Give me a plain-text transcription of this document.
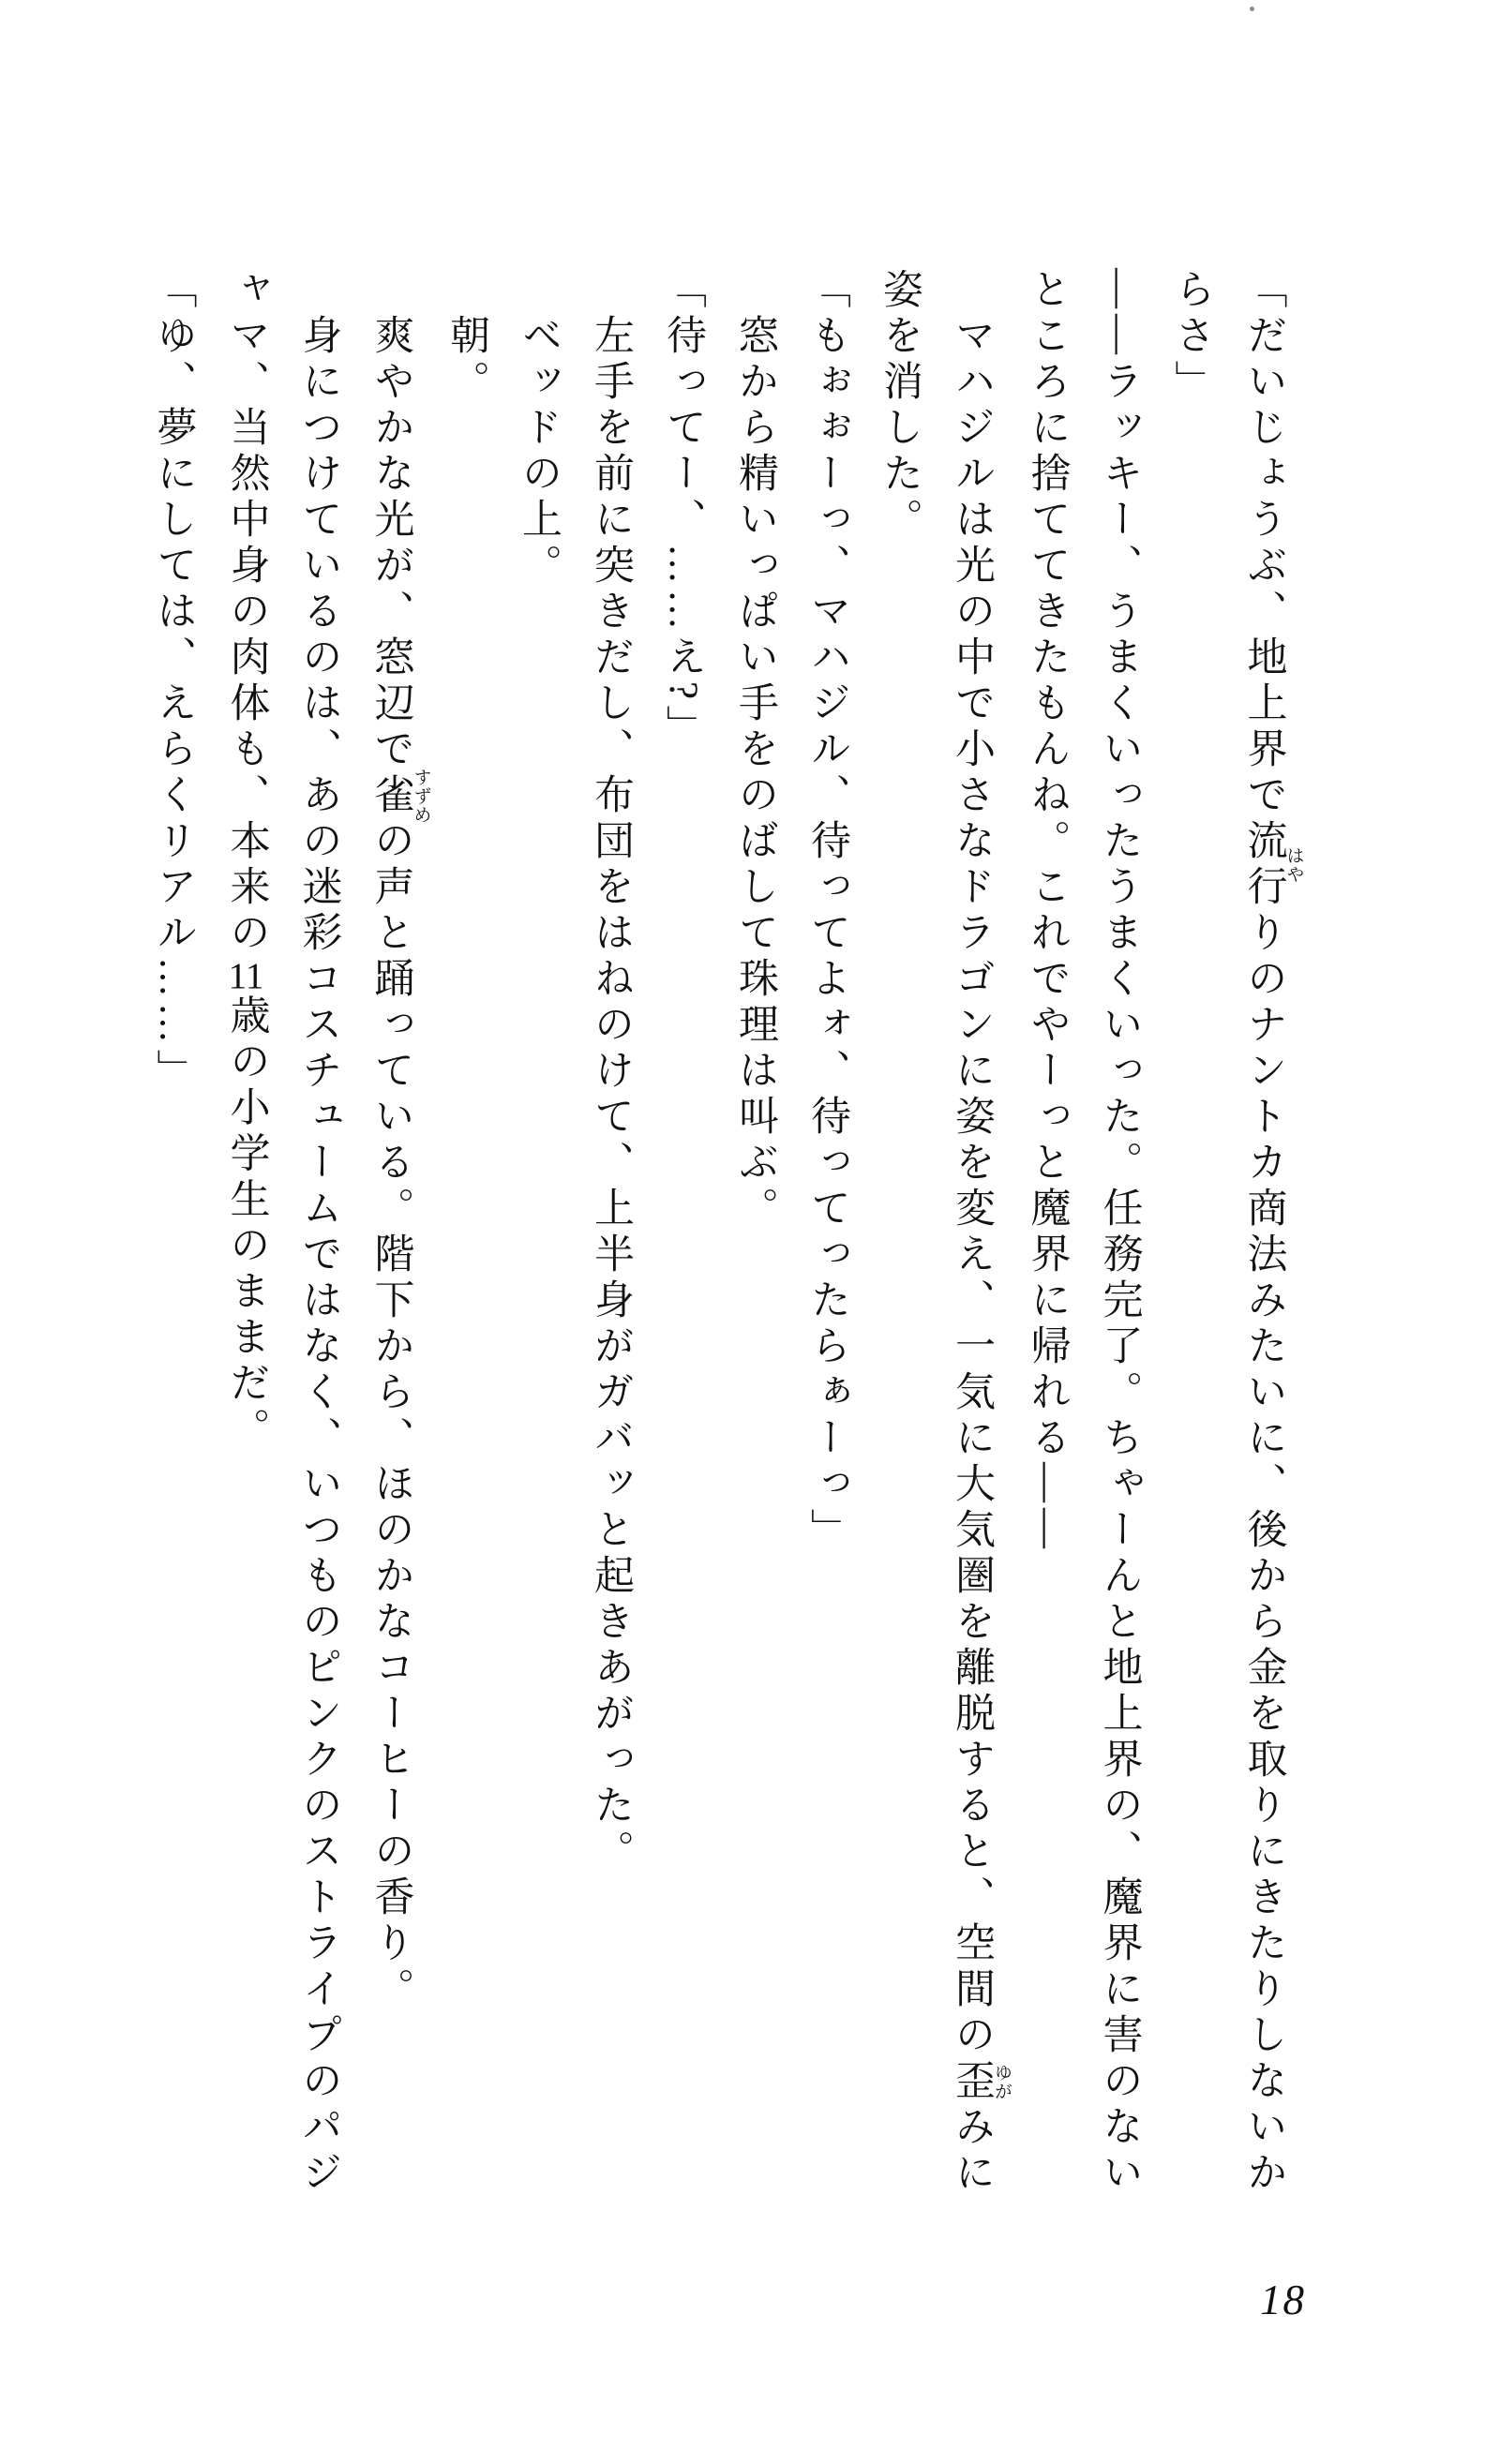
「だいじょうぶ、地上界で流行はやりのナントカ商法みたいに、後から金を取りにきたりしないからさ」

――ラッキー、うまくいったうまくいった。任務完了。ちゃーんと地上界の、魔界に害のないところに捨ててきたもんね。これでやーっと魔界に帰れる――

マハジルは光の中で小さなドラゴンに姿を変え、一気に大気圏を離脱すると、空間の歪ゆがみに姿を消した。

「もぉぉーっ、マハジル、待ってよォ、待ってったらぁーっ」

窓から精いっぱい手をのばして珠理は叫ぶ。

「待ってー、……え?」

左手を前に突きだし、布団をはねのけて、上半身がガバッと起きあがった。

ベッドの上。

朝。

爽やかな光が、窓辺で雀すずめの声と踊っている。階下から、ほのかなコーヒーの香り。

身につけているのは、あの迷彩コスチュームではなく、いつものピンクのストライプのパジャマ、当然中身の肉体も、本来の11歳の小学生のままだ。

「ゆ、夢にしては、えらくリアル……」

18
